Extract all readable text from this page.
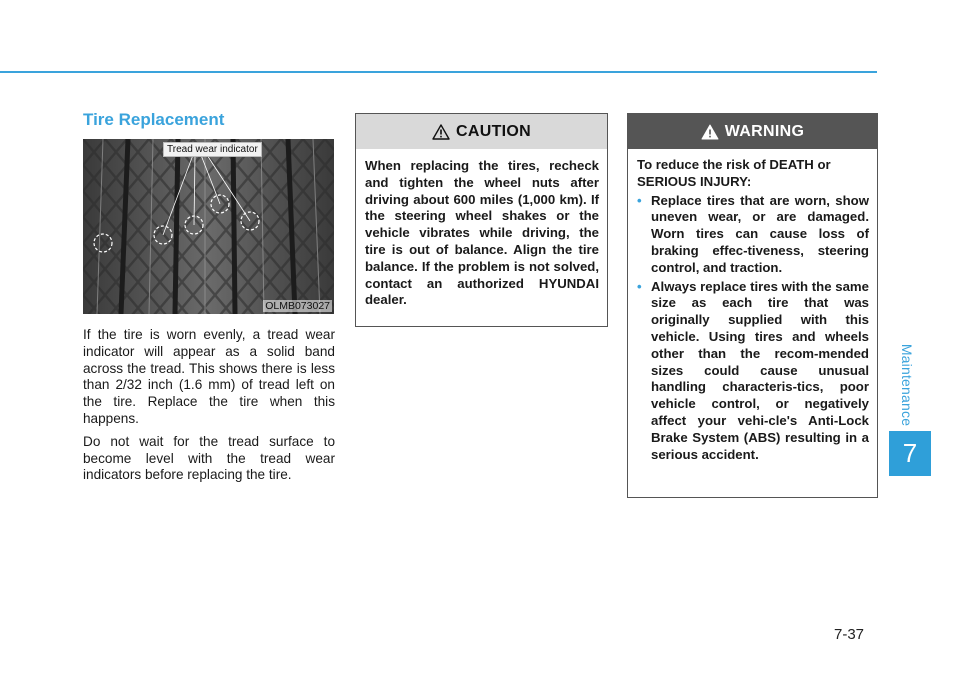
Tire Replacement
Tread wear indicator
OLMB073027

If the tire is worn evenly, a tread wear indicator will appear as a solid band across the tread. This shows there is less than 2/32 inch (1.6 mm) of tread left on the tire. Replace the tire when this happens.

Do not wait for the tread surface to become level with the tread wear indicators before replacing the tire.

CAUTION
When replacing the tires, recheck and tighten the wheel nuts after driving about 600 miles (1,000 km). If the steering wheel shakes or the vehicle vibrates while driving, the tire is out of balance. Align the tire balance. If the problem is not solved, contact an authorized HYUNDAI dealer.
WARNING

To reduce the risk of DEATH or SERIOUS INJURY:

• Replace tires that are worn, show uneven wear, or are damaged. Worn tires can cause loss of braking effec-tiveness, steering control, and traction.
• Always replace tires with the same size as each tire that was originally supplied with this vehicle. Using tires and wheels other than the recom-mended sizes could cause unusual handling characteris-tics, poor vehicle control, or negatively affect your vehi-cle's Anti-Lock Brake System (ABS) resulting in a serious accident.
Maintenance
7
7-37
